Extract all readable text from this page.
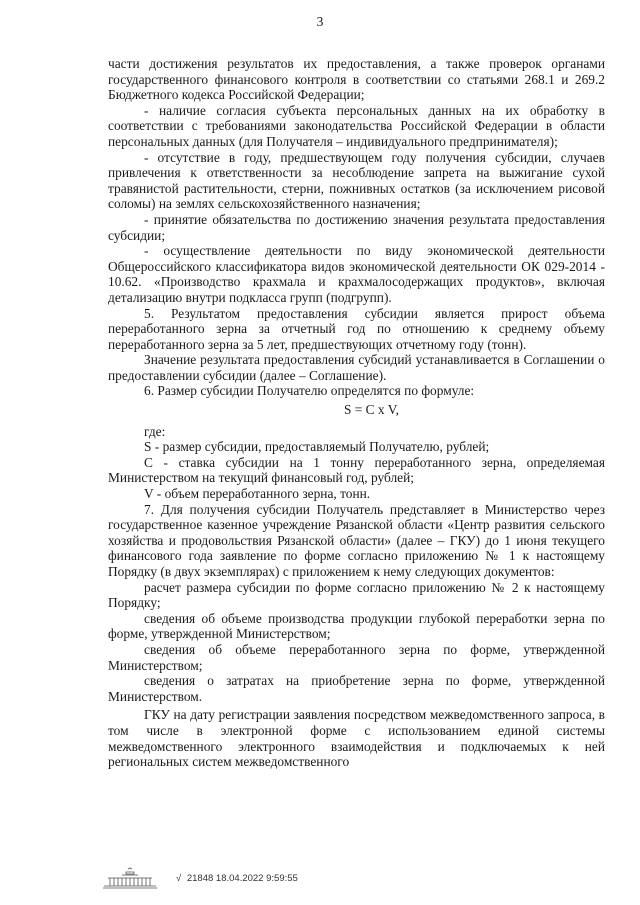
3

части достижения результатов их предоставления, а также проверок органами государственного финансового контроля в соответствии со статьями 268.1 и 269.2 Бюджетного кодекса Российской Федерации;

- наличие согласия субъекта персональных данных на их обработку в соответствии с требованиями законодательства Российской Федерации в области персональных данных (для Получателя – индивидуального предпринимателя);

- отсутствие в году, предшествующем году получения субсидии, случаев привлечения к ответственности за несоблюдение запрета на выжигание сухой травянистой растительности, стерни, пожнивных остатков (за исключением рисовой соломы) на землях сельскохозяйственного назначения;

- принятие обязательства по достижению значения результата предоставления субсидии;

- осуществление деятельности по виду экономической деятельности Общероссийского классификатора видов экономической деятельности ОК 029-2014 - 10.62. «Производство крахмала и крахмалосодержащих продуктов», включая детализацию внутри подкласса групп (подгрупп).

5. Результатом предоставления субсидии является прирост объема переработанного зерна за отчетный год по отношению к среднему объему переработанного зерна за 5 лет, предшествующих отчетному году (тонн).

Значение результата предоставления субсидий устанавливается в Соглашении о предоставлении субсидии (далее – Соглашение).

6. Размер субсидии Получателю определятся по формуле:

S = C x V,

где:

S - размер субсидии, предоставляемый Получателю, рублей;

C - ставка субсидии на 1 тонну переработанного зерна, определяемая Министерством на текущий финансовый год, рублей;

V - объем переработанного зерна, тонн.

7. Для получения субсидии Получатель представляет в Министерство через государственное казенное учреждение Рязанской области «Центр развития сельского хозяйства и продовольствия Рязанской области» (далее – ГКУ) до 1 июня текущего финансового года заявление по форме согласно приложению № 1 к настоящему Порядку (в двух экземплярах) с приложением к нему следующих документов:

расчет размера субсидии по форме согласно приложению № 2 к настоящему Порядку;

сведения об объеме производства продукции глубокой переработки зерна по форме, утвержденной Министерством;

сведения об объеме переработанного зерна по форме, утвержденной Министерством;

сведения о затратах на приобретение зерна по форме, утвержденной Министерством.

ГКУ на дату регистрации заявления посредством межведомственного запроса, в том числе в электронной форме с использованием единой системы межведомственного электронного взаимодействия и подключаемых к ней региональных систем межведомственного

√ 21848 18.04.2022 9:59:55
